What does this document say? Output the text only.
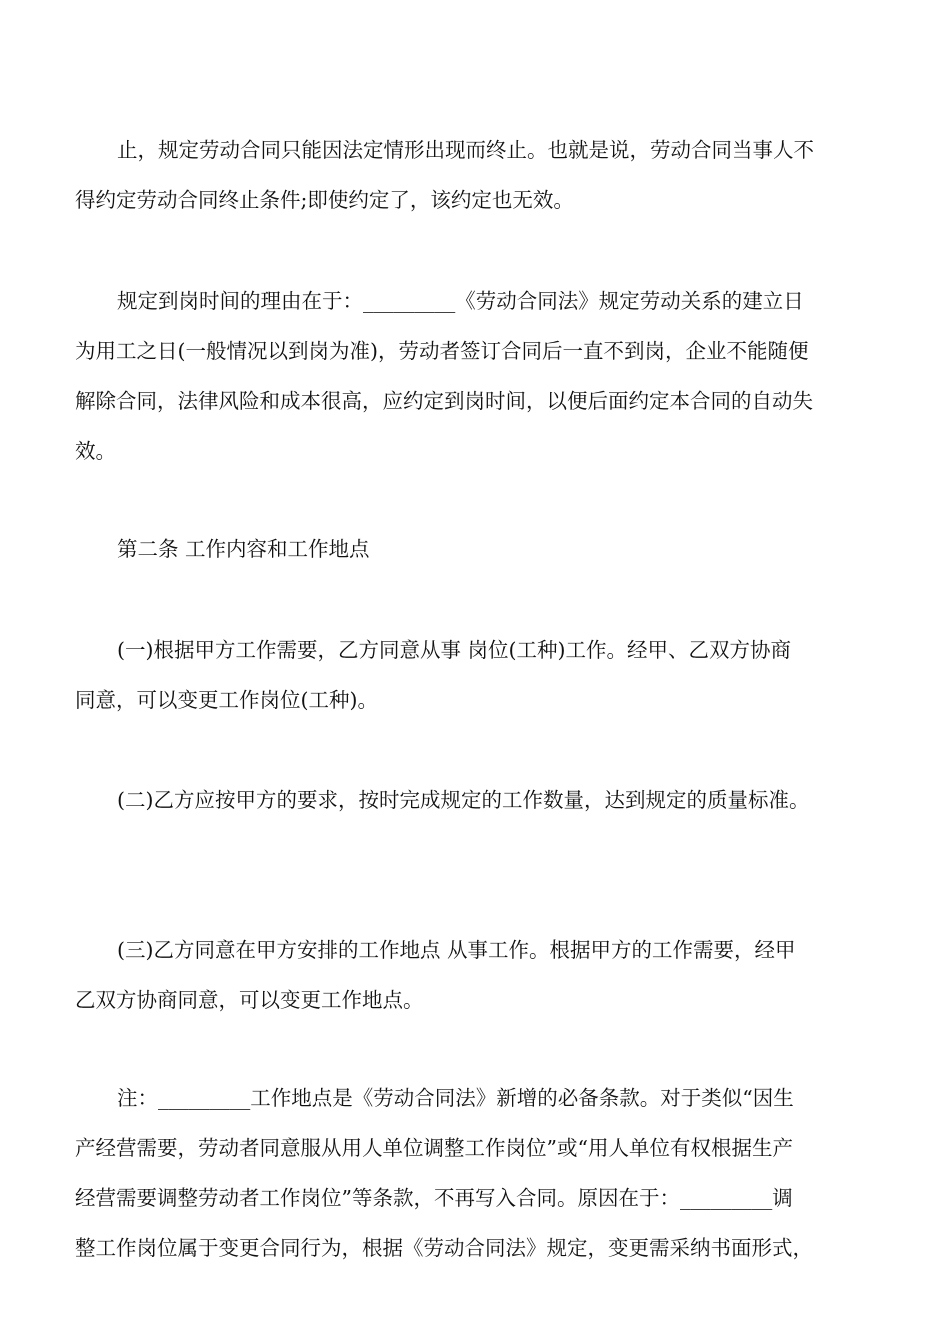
止，规定劳动合同只能因法定情形出现而终止。也就是说，劳动合同当事人不
得约定劳动合同终止条件;即使约定了，该约定也无效。
规定到岗时间的理由在于：_________《劳动合同法》规定劳动关系的建立日
为用工之日(一般情况以到岗为准)，劳动者签订合同后一直不到岗，企业不能随便
解除合同，法律风险和成本很高，应约定到岗时间，以便后面约定本合同的自动失
效。
第二条 工作内容和工作地点
(一)根据甲方工作需要，乙方同意从事 岗位(工种)工作。经甲、乙双方协商
同意，可以变更工作岗位(工种)。
(二)乙方应按甲方的要求，按时完成规定的工作数量，达到规定的质量标准。
(三)乙方同意在甲方安排的工作地点 从事工作。根据甲方的工作需要，经甲
乙双方协商同意，可以变更工作地点。
注：_________工作地点是《劳动合同法》新增的必备条款。对于类似“因生
产经营需要，劳动者同意服从用人单位调整工作岗位”或“用人单位有权根据生产
经营需要调整劳动者工作岗位”等条款，不再写入合同。原因在于：_________调
整工作岗位属于变更合同行为，根据《劳动合同法》规定，变更需采纳书面形式，
